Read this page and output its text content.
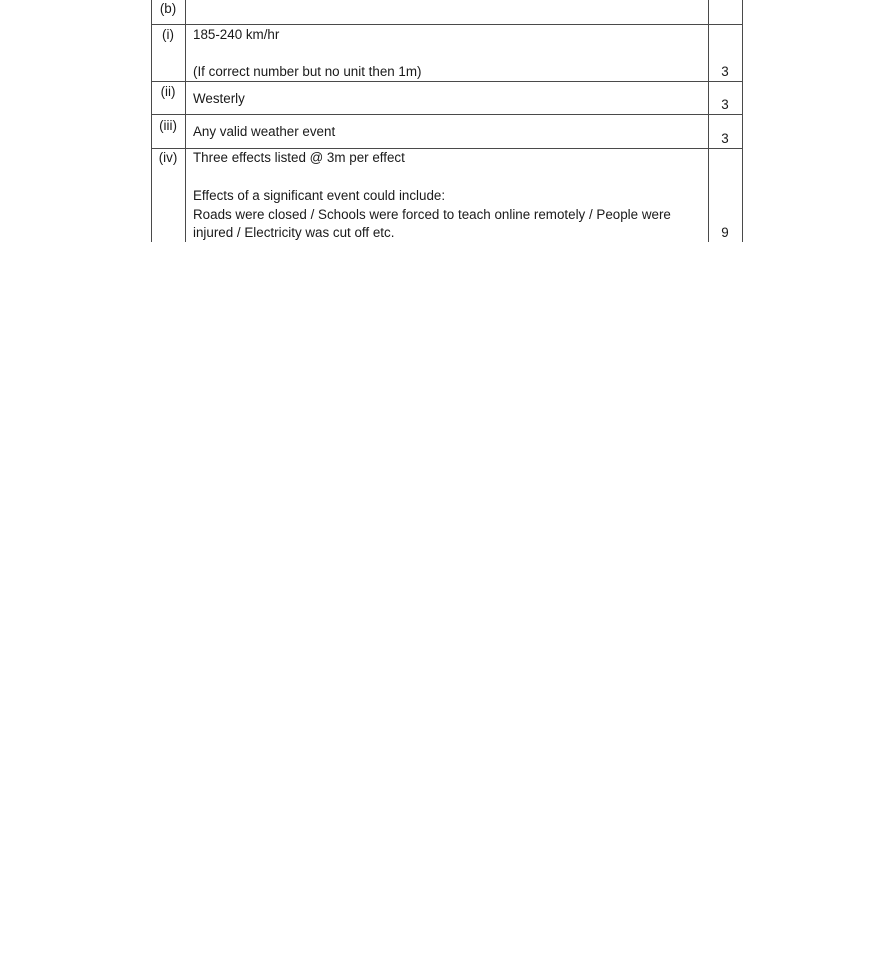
(b)
(i)	185-240 km/hr
(If correct number but no unit then 1m)	3
(ii)	Westerly	3
(iii)	Any valid weather event	3
(iv)	Three effects listed @ 3m per effect
Effects of a significant event could include:
Roads were closed / Schools were forced to teach online remotely / People were
injured / Electricity was cut off etc.	9
